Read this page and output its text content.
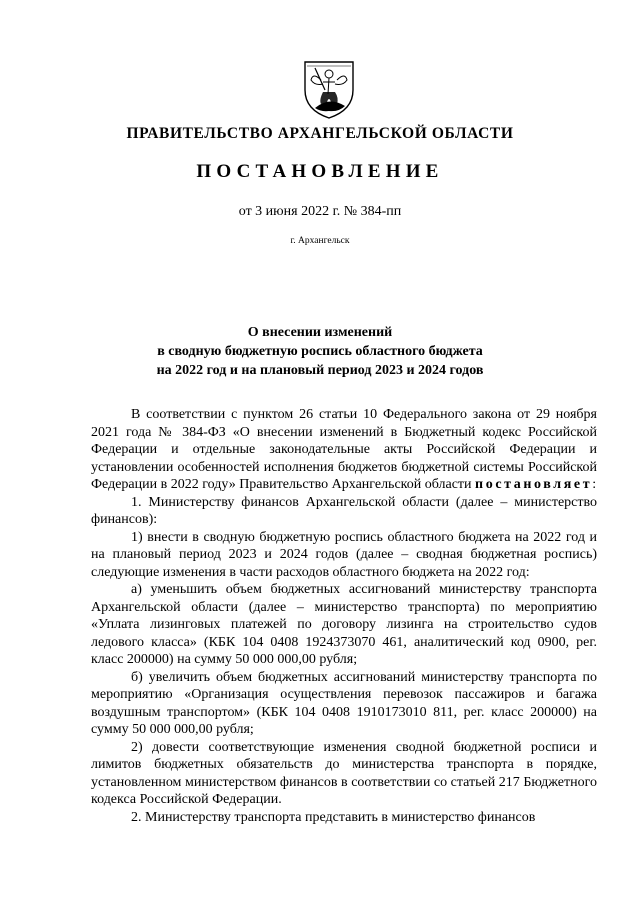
ПРАВИТЕЛЬСТВО АРХАНГЕЛЬСКОЙ ОБЛАСТИ
ПОСТАНОВЛЕНИЕ
от 3 июня 2022 г. № 384-пп
г. Архангельск
О внесении изменений
в сводную бюджетную роспись областного бюджета
на 2022 год и на плановый период 2023 и 2024 годов

В соответствии с пунктом 26 статьи 10 Федерального закона от 29 ноября 2021 года № 384-ФЗ «О внесении изменений в Бюджетный кодекс Российской Федерации и отдельные законодательные акты Российской Федерации и установлении особенностей исполнения бюджетов бюджетной системы Российской Федерации в 2022 году» Правительство Архангельской области постановляет:

1. Министерству финансов Архангельской области (далее – министерство финансов):

1) внести в сводную бюджетную роспись областного бюджета на 2022 год и на плановый период 2023 и 2024 годов (далее – сводная бюджетная роспись) следующие изменения в части расходов областного бюджета на 2022 год:

а) уменьшить объем бюджетных ассигнований министерству транспорта Архангельской области (далее – министерство транспорта) по мероприятию «Уплата лизинговых платежей по договору лизинга на строительство судов ледового класса» (КБК 104 0408 1924373070 461, аналитический код 0900, рег. класс 200000) на сумму 50 000 000,00 рубля;

б) увеличить объем бюджетных ассигнований министерству транспорта по мероприятию «Организация осуществления перевозок пассажиров и багажа воздушным транспортом» (КБК 104 0408 1910173010 811, рег. класс 200000) на сумму 50 000 000,00 рубля;

2) довести соответствующие изменения сводной бюджетной росписи и лимитов бюджетных обязательств до министерства транспорта в порядке, установленном министерством финансов в соответствии со статьей 217 Бюджетного кодекса Российской Федерации.

2. Министерству транспорта представить в министерство финансов
